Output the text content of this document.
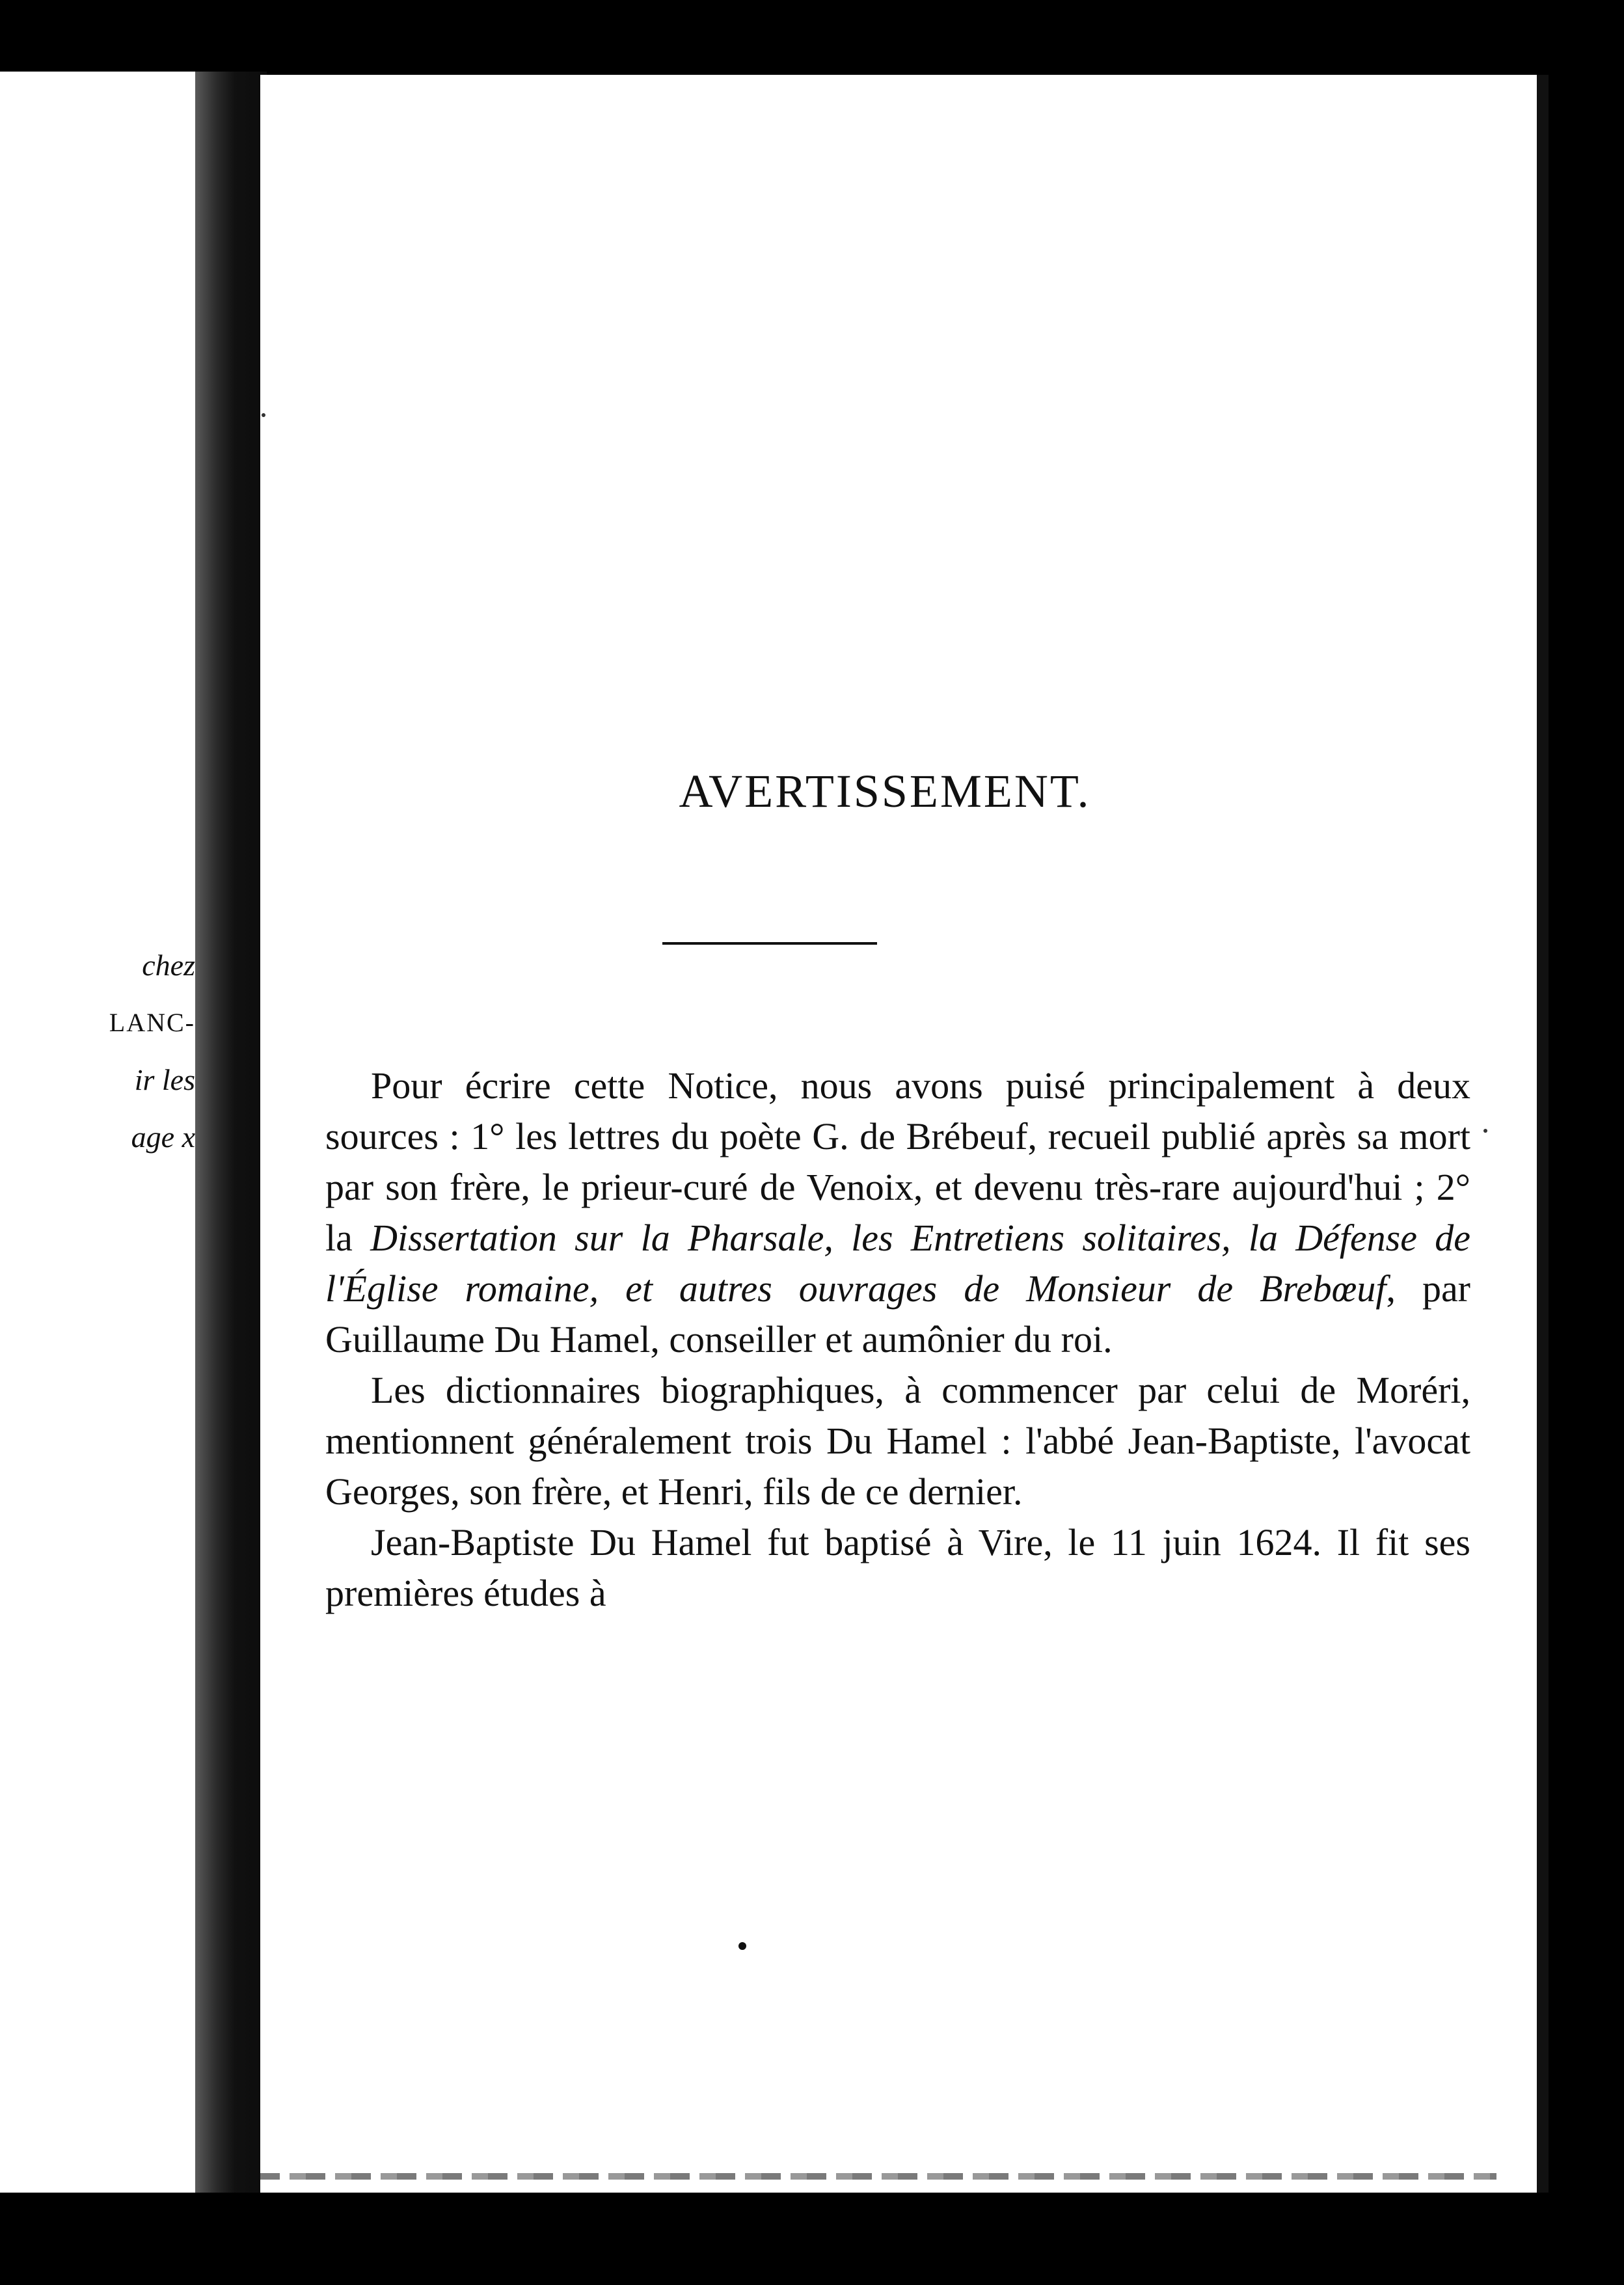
chez
LANC-
ir les
age x
AVERTISSEMENT.

Pour écrire cette Notice, nous avons puisé principalement à deux sources : 1° les lettres du poète G. de Brébeuf, recueil publié après sa mort par son frère, le prieur-curé de Venoix, et devenu très-rare aujourd'hui ; 2° la Dissertation sur la Pharsale, les Entretiens solitaires, la Défense de l'Église romaine, et autres ouvrages de Monsieur de Brebœuf, par Guillaume Du Hamel, conseiller et aumônier du roi.

Les dictionnaires biographiques, à commencer par celui de Moréri, mentionnent généralement trois Du Hamel : l'abbé Jean-Baptiste, l'avocat Georges, son frère, et Henri, fils de ce dernier.

Jean-Baptiste Du Hamel fut baptisé à Vire, le 11 juin 1624. Il fit ses premières études à
